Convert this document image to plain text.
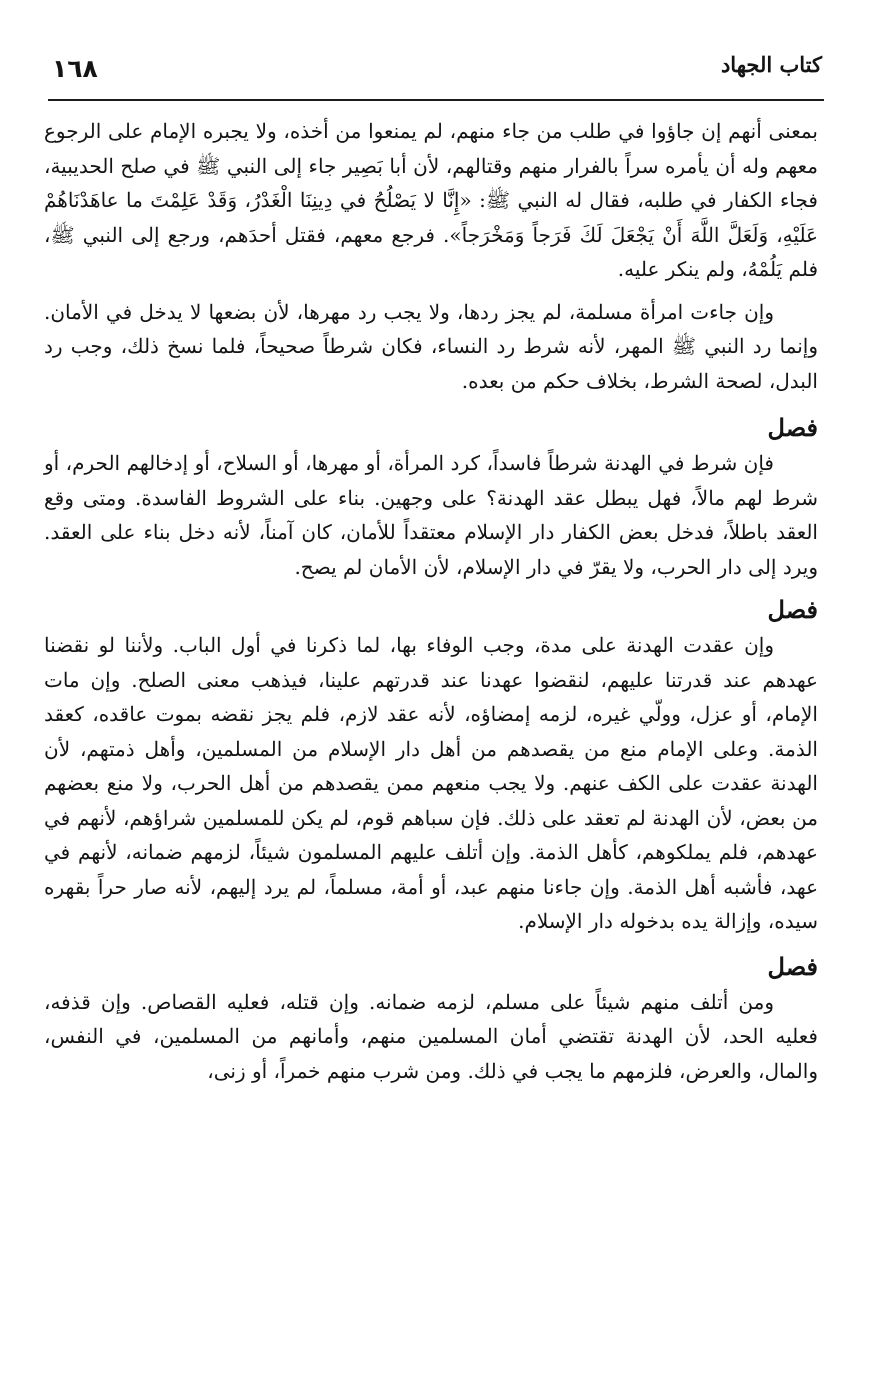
١٦٨	كتاب الجهاد

بمعنى أنهم إن جاؤوا في طلب من جاء منهم، لم يمنعوا من أخذه، ولا يجبره الإمام على الرجوع معهم وله أن يأمره سراً بالفرار منهم وقتالهم، لأن أبا بَصِير جاء إلى النبي ﷺ في صلح الحديبية، فجاء الكفار في طلبه، فقال له النبي ﷺ: «إِنَّا لا يَصْلُحُ في دِينِنَا الْغَدْرُ، وَقَدْ عَلِمْتَ ما عاهَدْنَاهُمْ عَلَيْهِ، وَلَعَلَّ اللَّهَ أَنْ يَجْعَلَ لَكَ فَرَجاً وَمَخْرَجاً». فرجع معهم، فقتل أحدَهم، ورجع إلى النبي ﷺ، فلم يَلُمْهُ، ولم ينكر عليه.

وإن جاءت امرأة مسلمة، لم يجز ردها، ولا يجب رد مهرها، لأن بضعها لا يدخل في الأمان. وإنما رد النبي ﷺ المهر، لأنه شرط رد النساء، فكان شرطاً صحيحاً، فلما نسخ ذلك، وجب رد البدل، لصحة الشرط، بخلاف حكم من بعده.

فصل

فإن شرط في الهدنة شرطاً فاسداً، كرد المرأة، أو مهرها، أو السلاح، أو إدخالهم الحرم، أو شرط لهم مالاً، فهل يبطل عقد الهدنة؟ على وجهين. بناء على الشروط الفاسدة. ومتى وقع العقد باطلاً، فدخل بعض الكفار دار الإسلام معتقداً للأمان، كان آمناً، لأنه دخل بناء على العقد. ويرد إلى دار الحرب، ولا يقرّ في دار الإسلام، لأن الأمان لم يصح.

فصل

وإن عقدت الهدنة على مدة، وجب الوفاء بها، لما ذكرنا في أول الباب. ولأننا لو نقضنا عهدهم عند قدرتنا عليهم، لنقضوا عهدنا عند قدرتهم علينا، فيذهب معنى الصلح. وإن مات الإمام، أو عزل، وولّي غيره، لزمه إمضاؤه، لأنه عقد لازم، فلم يجز نقضه بموت عاقده، كعقد الذمة. وعلى الإمام منع من يقصدهم من أهل دار الإسلام من المسلمين، وأهل ذمتهم، لأن الهدنة عقدت على الكف عنهم. ولا يجب منعهم ممن يقصدهم من أهل الحرب، ولا منع بعضهم من بعض، لأن الهدنة لم تعقد على ذلك. فإن سباهم قوم، لم يكن للمسلمين شراؤهم، لأنهم في عهدهم، فلم يملكوهم، كأهل الذمة. وإن أتلف عليهم المسلمون شيئاً، لزمهم ضمانه، لأنهم في عهد، فأشبه أهل الذمة. وإن جاءنا منهم عبد، أو أمة، مسلماً، لم يرد إليهم، لأنه صار حراً بقهره سيده، وإزالة يده بدخوله دار الإسلام.

فصل

ومن أتلف منهم شيئاً على مسلم، لزمه ضمانه. وإن قتله، فعليه القصاص. وإن قذفه، فعليه الحد، لأن الهدنة تقتضي أمان المسلمين منهم، وأمانهم من المسلمين، في النفس، والمال، والعرض، فلزمهم ما يجب في ذلك. ومن شرب منهم خمراً، أو زنى،
